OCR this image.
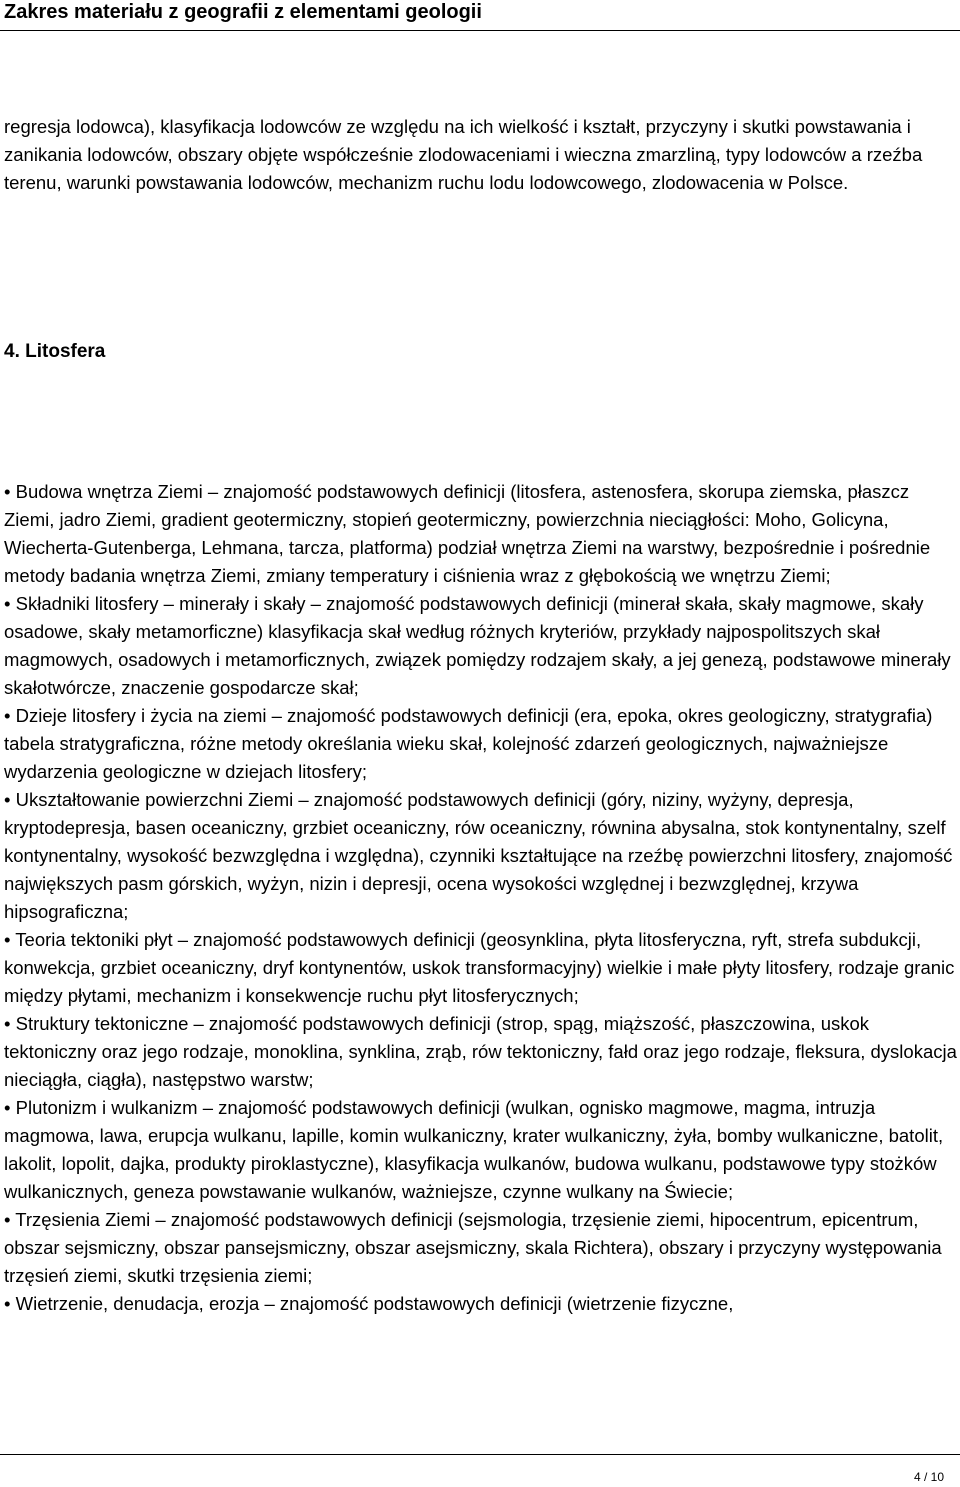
Zakres materiału z geografii z elementami geologii

regresja lodowca), klasyfikacja lodowców ze względu na ich wielkość i kształt, przyczyny i skutki powstawania i zanikania lodowców, obszary objęte współcześnie zlodowaceniami i wieczna zmarzliną, typy lodowców a rzeźba terenu, warunki powstawania lodowców, mechanizm ruchu lodu lodowcowego, zlodowacenia w Polsce.

4. Litosfera

• Budowa wnętrza Ziemi – znajomość podstawowych definicji (litosfera, astenosfera, skorupa ziemska, płaszcz Ziemi, jadro Ziemi, gradient geotermiczny, stopień geotermiczny, powierzchnia nieciągłości: Moho, Golicyna, Wiecherta-Gutenberga, Lehmana, tarcza, platforma) podział wnętrza Ziemi na warstwy, bezpośrednie i pośrednie metody badania wnętrza Ziemi, zmiany temperatury i ciśnienia wraz z głębokością we wnętrzu Ziemi;

• Składniki litosfery – minerały i skały – znajomość podstawowych definicji (minerał skała, skały magmowe, skały osadowe, skały metamorficzne) klasyfikacja skał według różnych kryteriów, przykłady najpospolitszych skał magmowych, osadowych i metamorficznych, związek pomiędzy rodzajem skały, a jej genezą, podstawowe minerały skałotwórcze, znaczenie gospodarcze skał;

• Dzieje litosfery i życia na ziemi – znajomość podstawowych definicji (era, epoka, okres geologiczny, stratygrafia) tabela stratygraficzna, różne metody określania wieku skał, kolejność zdarzeń geologicznych, najważniejsze wydarzenia geologiczne w dziejach litosfery;

• Ukształtowanie powierzchni Ziemi – znajomość podstawowych definicji (góry, niziny, wyżyny, depresja, kryptodepresja, basen oceaniczny, grzbiet oceaniczny, rów oceaniczny, równina abysalna, stok kontynentalny, szelf kontynentalny, wysokość bezwzględna i względna), czynniki kształtujące na rzeźbę powierzchni litosfery, znajomość największych pasm górskich, wyżyn, nizin i depresji, ocena wysokości względnej i bezwzględnej, krzywa hipsograficzna;

• Teoria tektoniki płyt – znajomość podstawowych definicji (geosynklina, płyta litosferyczna, ryft, strefa subdukcji, konwekcja, grzbiet oceaniczny, dryf kontynentów, uskok transformacyjny) wielkie i małe płyty litosfery, rodzaje granic między płytami, mechanizm i konsekwencje ruchu płyt litosferycznych;

• Struktury tektoniczne – znajomość podstawowych definicji (strop, spąg, miąższość, płaszczowina, uskok tektoniczny oraz jego rodzaje, monoklina, synklina, zrąb, rów tektoniczny, fałd oraz jego rodzaje, fleksura, dyslokacja nieciągła, ciągła), następstwo warstw;

• Plutonizm i wulkanizm – znajomość podstawowych definicji (wulkan, ognisko magmowe, magma, intruzja magmowa, lawa, erupcja wulkanu, lapille, komin wulkaniczny, krater wulkaniczny, żyła, bomby wulkaniczne, batolit, lakolit, lopolit, dajka, produkty piroklastyczne), klasyfikacja wulkanów, budowa wulkanu, podstawowe typy stożków wulkanicznych, geneza powstawanie wulkanów, ważniejsze, czynne wulkany na Świecie;

• Trzęsienia Ziemi – znajomość podstawowych definicji (sejsmologia, trzęsienie ziemi, hipocentrum, epicentrum, obszar sejsmiczny, obszar pansejsmiczny, obszar asejsmiczny, skala Richtera), obszary i przyczyny występowania trzęsień ziemi, skutki trzęsienia ziemi;

• Wietrzenie, denudacja, erozja – znajomość podstawowych definicji (wietrzenie fizyczne,

4 / 10
